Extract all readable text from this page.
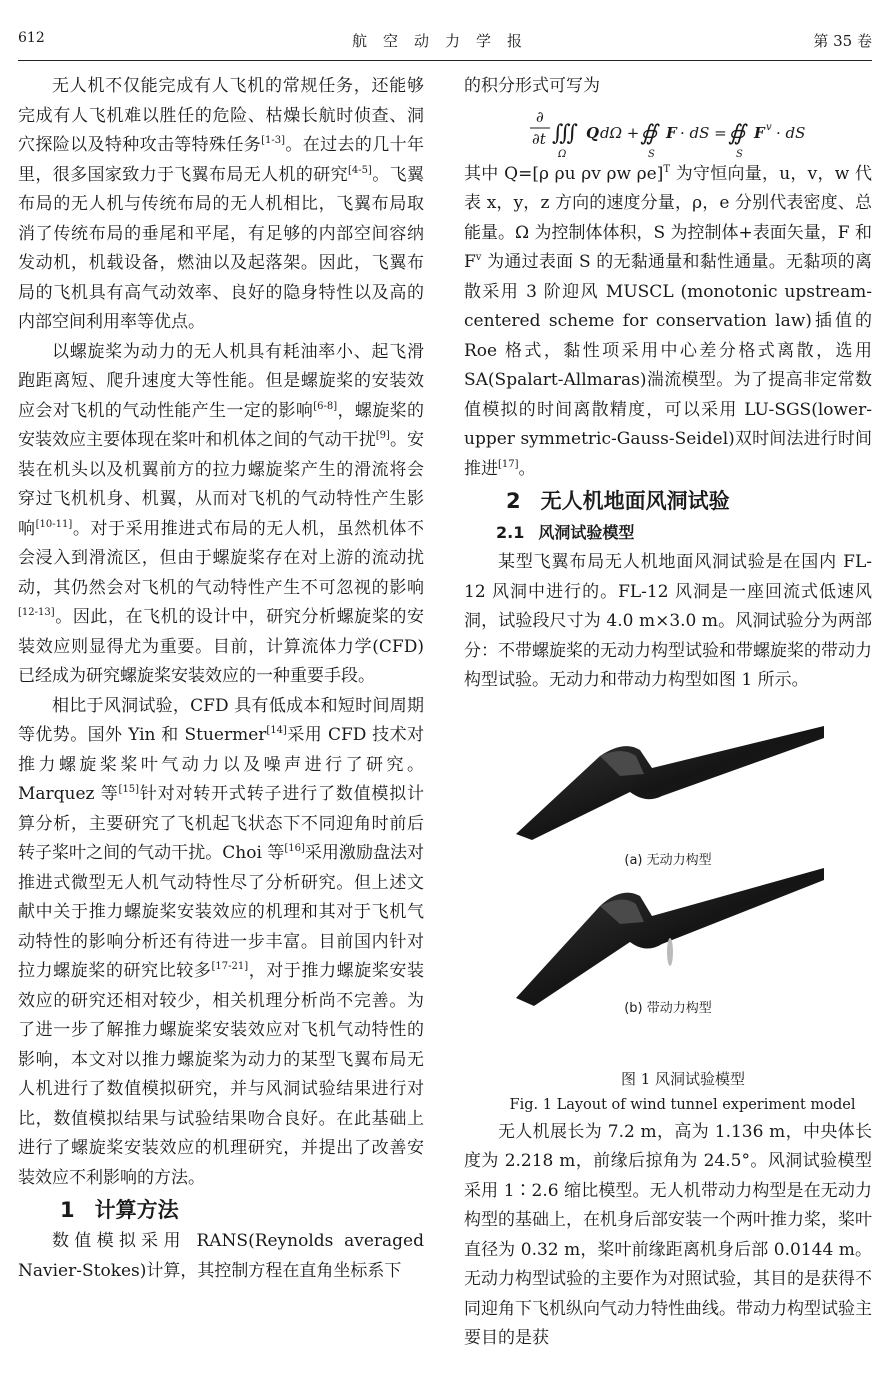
612	航空动力学报	第 35 卷

无人机不仅能完成有人飞机的常规任务，还能够完成有人飞机难以胜任的危险、枯燥长航时侦查、洞穴探险以及特种攻击等特殊任务[1-3]。在过去的几十年里，很多国家致力于飞翼布局无人机的研究[4-5]。飞翼布局的无人机与传统布局的无人机相比，飞翼布局取消了传统布局的垂尾和平尾，有足够的内部空间容纳发动机，机载设备，燃油以及起落架。因此，飞翼布局的飞机具有高气动效率、良好的隐身特性以及高的内部空间利用率等优点。

以螺旋桨为动力的无人机具有耗油率小、起飞滑跑距离短、爬升速度大等性能。但是螺旋桨的安装效应会对飞机的气动性能产生一定的影响[6-8]，螺旋桨的安装效应主要体现在桨叶和机体之间的气动干扰[9]。安装在机头以及机翼前方的拉力螺旋桨产生的滑流将会穿过飞机机身、机翼，从而对飞机的气动特性产生影响[10-11]。对于采用推进式布局的无人机，虽然机体不会浸入到滑流区，但由于螺旋桨存在对上游的流动扰动，其仍然会对飞机的气动特性产生不可忽视的影响[12-13]。因此，在飞机的设计中，研究分析螺旋桨的安装效应则显得尤为重要。目前，计算流体力学(CFD)已经成为研究螺旋桨安装效应的一种重要手段。

相比于风洞试验，CFD 具有低成本和短时间周期等优势。国外 Yin 和 Stuermer[14]采用 CFD 技术对推力螺旋桨桨叶气动力以及噪声进行了研究。Marquez 等[15]针对对转开式转子进行了数值模拟计算分析，主要研究了飞机起飞状态下不同迎角时前后转子桨叶之间的气动干扰。Choi 等[16]采用激励盘法对推进式微型无人机气动特性尽了分析研究。但上述文献中关于推力螺旋桨安装效应的机理和其对于飞机气动特性的影响分析还有待进一步丰富。目前国内针对拉力螺旋桨的研究比较多[17-21]，对于推力螺旋桨安装效应的研究还相对较少，相关机理分析尚不完善。为了进一步了解推力螺旋桨安装效应对飞机气动特性的影响，本文对以推力螺旋桨为动力的某型飞翼布局无人机进行了数值模拟研究，并与风洞试验结果进行对比，数值模拟结果与试验结果吻合良好。在此基础上进行了螺旋桨安装效应的机理研究，并提出了改善安装效应不利影响的方法。

1 计算方法

数值模拟采用 RANS(Reynolds averaged Navier-Stokes)计算，其控制方程在直角坐标系下

的积分形式可写为

∂
∂t ∭
Ω
Q dΩ + ∯
S
F · dS = ∯
S
F v · dS

其中 Q=[ρ ρu ρv ρw ρe]$^T$ 为守恒向量，u，v，w 代表 x，y，z 方向的速度分量，ρ，e 分别代表密度、总能量。Ω 为控制体体积，S 为控制体+表面矢量，F 和 $F^v$ 为通过表面 S 的无黏通量和黏性通量。无黏项的离散采用 3 阶迎风 MUSCL (monotonic upstream-centered scheme for conservation law)插值的 Roe 格式，黏性项采用中心差分格式离散，选用 SA(Spalart-Allmaras)湍流模型。为了提高非定常数值模拟的时间离散精度，可以采用 LU-SGS(lower-upper symmetric-Gauss-Seidel)双时间法进行时间推进[17]。

2 无人机地面风洞试验

2.1 风洞试验模型

某型飞翼布局无人机地面风洞试验是在国内 FL-12 风洞中进行的。FL-12 风洞是一座回流式低速风洞，试验段尺寸为 4.0 m×3.0 m。风洞试验分为两部分：不带螺旋桨的无动力构型试验和带螺旋桨的带动力构型试验。无动力和带动力构型如图 1 所示。

(a) 无动力构型
(b) 带动力构型

图 1 风洞试验模型

Fig. 1 Layout of wind tunnel experiment model

无人机展长为 7.2 m，高为 1.136 m，中央体长度为 2.218 m，前缘后掠角为 24.5°。风洞试验模型采用 1∶2.6 缩比模型。无人机带动力构型是在无动力构型的基础上，在机身后部安装一个两叶推力桨，桨叶直径为 0.32 m，桨叶前缘距离机身后部 0.0144 m。无动力构型试验的主要作为对照试验，其目的是获得不同迎角下飞机纵向气动力特性曲线。带动力构型试验主要目的是获
